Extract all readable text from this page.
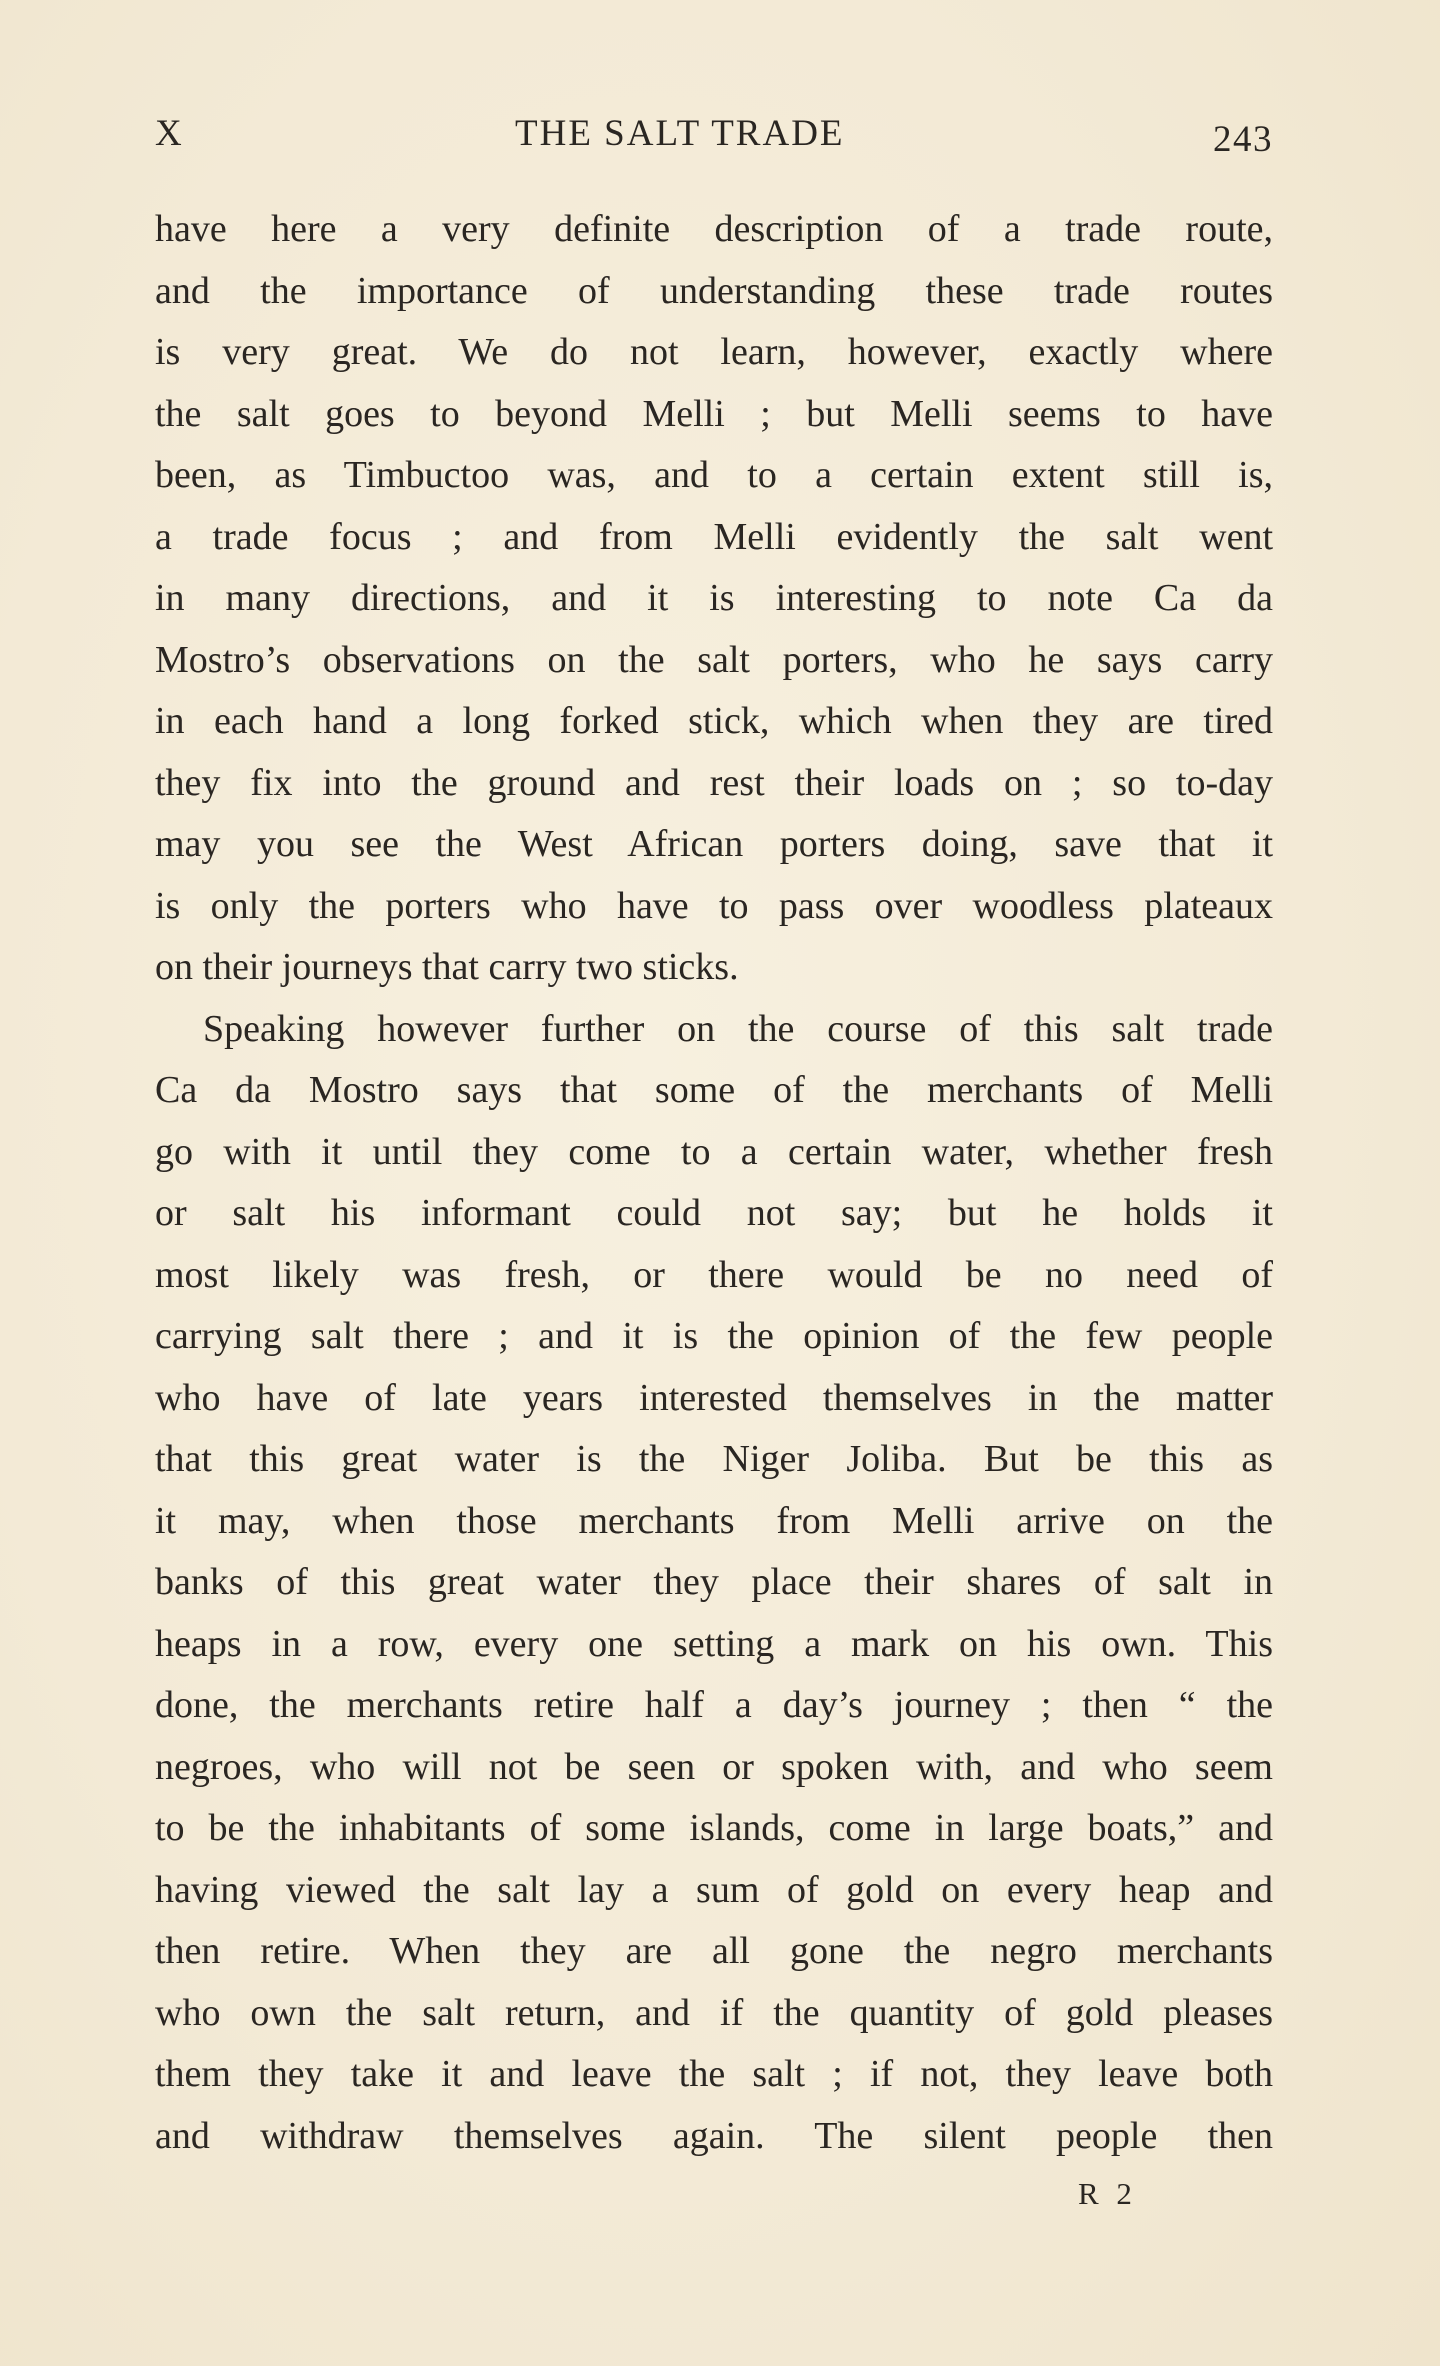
X	THE SALT TRADE	243
have here a very definite description of a trade route,
and the importance of understanding these trade routes
is very great. We do not learn, however, exactly where
the salt goes to beyond Melli ; but Melli seems to have
been, as Timbuctoo was, and to a certain extent still is,
a trade focus ; and from Melli evidently the salt went
in many directions, and it is interesting to note Ca da
Mostro’s observations on the salt porters, who he says carry
in each hand a long forked stick, which when they are tired
they fix into the ground and rest their loads on ; so to-day
may you see the West African porters doing, save that it
is only the porters who have to pass over woodless plateaux
on their journeys that carry two sticks.
Speaking however further on the course of this salt trade
Ca da Mostro says that some of the merchants of Melli
go with it until they come to a certain water, whether fresh
or salt his informant could not say; but he holds it
most likely was fresh, or there would be no need of
carrying salt there ; and it is the opinion of the few people
who have of late years interested themselves in the matter
that this great water is the Niger Joliba. But be this as
it may, when those merchants from Melli arrive on the
banks of this great water they place their shares of salt in
heaps in a row, every one setting a mark on his own. This
done, the merchants retire half a day’s journey ; then “ the
negroes, who will not be seen or spoken with, and who seem
to be the inhabitants of some islands, come in large boats,” and
having viewed the salt lay a sum of gold on every heap and
then retire. When they are all gone the negro merchants
who own the salt return, and if the quantity of gold pleases
them they take it and leave the salt ; if not, they leave both
and withdraw themselves again. The silent people then
R 2
